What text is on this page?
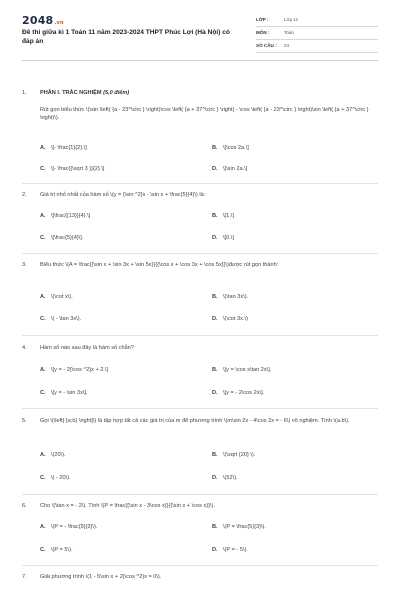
2048.vn
Đề thi giữa kì 1 Toán 11 năm 2023-2024 THPT Phúc Lợi (Hà Nội) có đáp án
LỚP :	Lớp 11
MÔN :	Toán
SỐ CÂU :	24
1.	PHẦN I. TRẮC NGHIỆM (5,0 điểm)
Rút gọn biểu thức \(\sin \left( {a - 23^\circ } \right)\cos \left( {a + 37^\circ } \right) - \cos \left( {a - 23^\circ } \right)\sin \left( {a + 37^\circ } \right)\).
A. \[- \frac{1}{2}.\]	B. \[\cos 2a.\]
C. \[- \frac{{\sqrt 3 }}{2}.\]	D. \[\sin 2a.\]
2.	Giá trị nhỏ nhất của hàm số \(y = {\sin ^2}x - \sin x + \frac{5}{4}\) là:
A. \[\frac{{13}}{4}.\]	B. \[1.\]
C. \[\frac{5}{4}\].	D. \[0.\]
3.	Biểu thức \(A = \frac{{\sin x + \sin 3x + \sin 5x}}{{\cos x + \cos 3x + \cos 5x}}\)được rút gọn thành:
A. \(\cot x\).	B. \(\tan 3x\).
C. \( - \tan 3x\).	D. \(\cot 3x.\)
4.	Hàm số nào sau đây là hàm số chẵn?
A. \[y = - 2{\cos ^2}x + 2.\]	B. \[y = \cos x\tan 2x\].
C. \[y = - \sin 3x\].	D. \[y = - 2\cos 2x\].
5.	Gọi \(\left[ {a;b} \right]\) là tập hợp tất cả các giá trị của m để phương trình \(m\sin 2x - 4\cos 2x = - 6\) vô nghiệm. Tính \(a.b\).
A. \(20\).	B. \(\sqrt {20} \).
C. \( - 20\).	D. \(52\).
6.	Cho \(\tan x = - 2\). Tính \(P = \frac{{\sin x - 3\cos x}}{{\sin x + \cos x}}\).
A. \(P = - \frac{5}{3}\).	B. \(P = \frac{5}{3}\).
C. \(P = 5\).	D. \(P = - 5\).
7.	Giải phương trình \(1 - 5\sin x + 2{\cos ^2}x = 0\).
